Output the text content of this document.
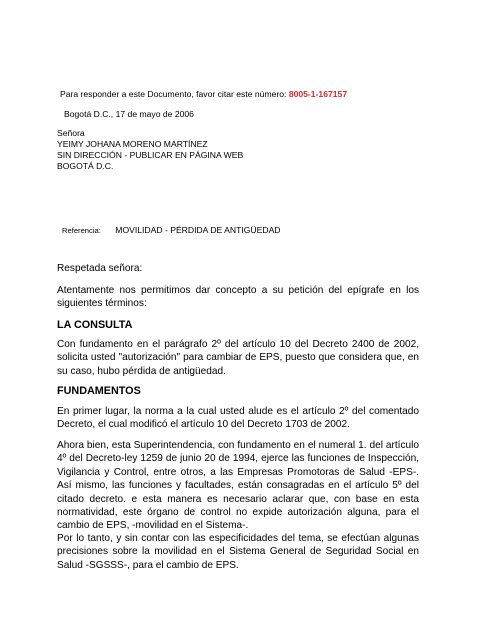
Para responder a este Documento, favor citar este número: 8005-1-167157
Bogotá D.C., 17 de mayo de 2006
Señora
YEIMY JOHANA MORENO MARTÍNEZ
SIN DIRECCIÓN - PUBLICAR EN PÁGINA WEB
BOGOTÁ D.C.
Referencia: MOVILIDAD - PÉRDIDA DE ANTIGÜEDAD
Respetada señora:
Atentamente nos permitimos dar concepto a su petición del epígrafe en los siguientes términos:
LA CONSULTA
Con fundamento en el parágrafo 2º del artículo 10 del Decreto 2400 de 2002, solicita usted "autorización" para cambiar de EPS, puesto que considera que, en su caso, hubo pérdida de antigüedad.
FUNDAMENTOS
En primer lugar, la norma a la cual usted alude es el artículo 2º del comentado Decreto, el cual modificó el artículo 10 del Decreto 1703 de 2002.
Ahora bien, esta Superintendencia, con fundamento en el numeral 1. del artículo 4º del Decreto-ley 1259 de junio 20 de 1994, ejerce las funciones de Inspección, Vigilancia y Control, entre otros, a las Empresas Promotoras de Salud -EPS-. Así mismo, las funciones y facultades, están consagradas en el artículo 5º del citado decreto. e esta manera es necesario aclarar que, con base en esta normatividad, este órgano de control no expide autorización alguna, para el cambio de EPS, -movilidad en el Sistema-.
Por lo tanto, y sin contar con las especificidades del tema, se efectúan algunas precisiones sobre la movilidad en el Sistema General de Seguridad Social en Salud -SGSSS-, para el cambio de EPS.
